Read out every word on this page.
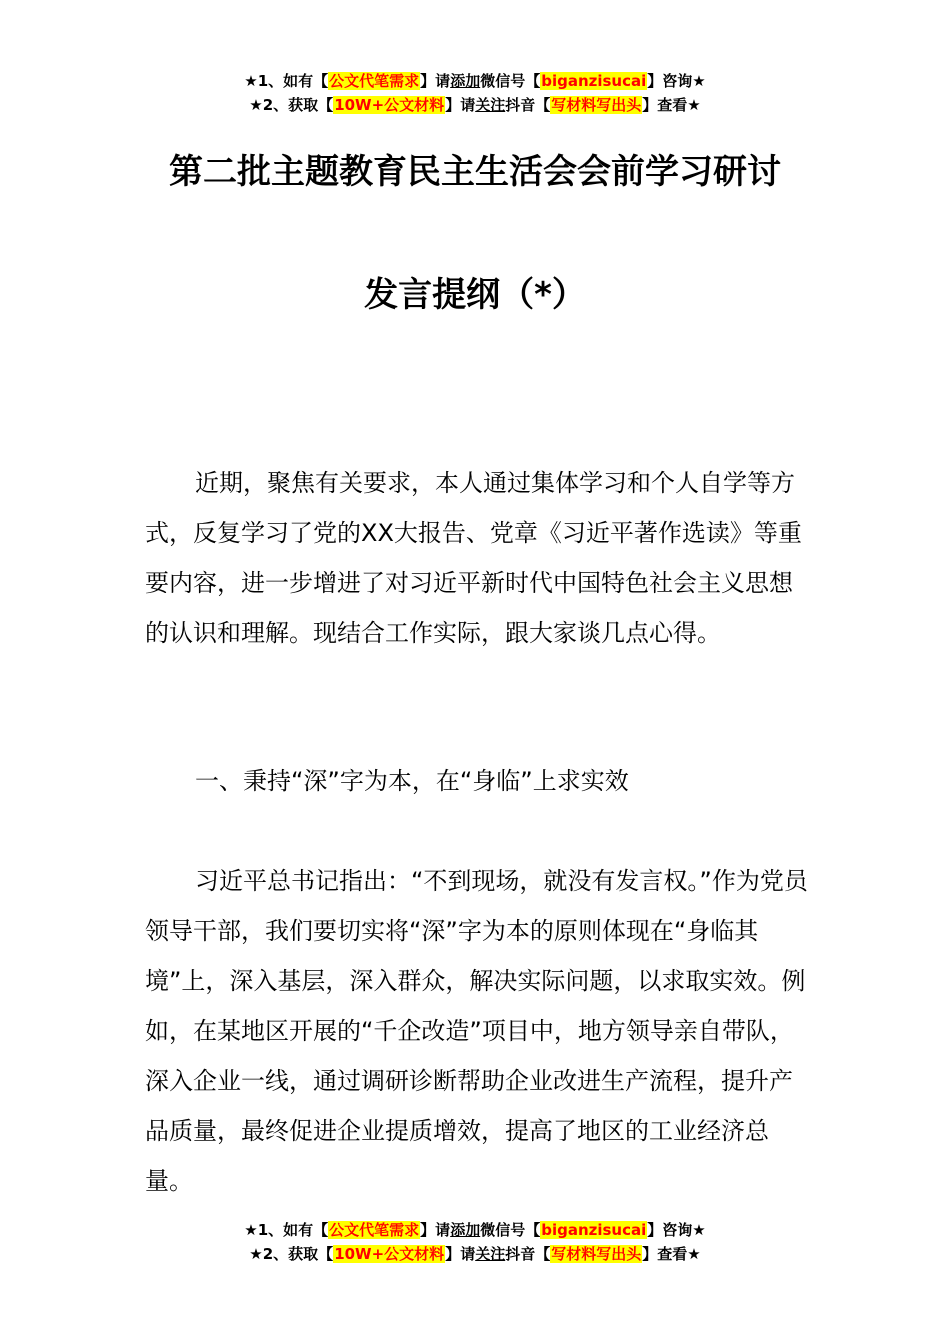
★1、如有【公文代笔需求】请添加微信号【biganzisucai】咨询★
★2、获取【10W+公文材料】请关注抖音【写材料写出头】查看★
第二批主题教育民主生活会会前学习研讨
发言提纲（*）

近期，聚焦有关要求，本人通过集体学习和个人自学等方式，反复学习了党的XX大报告、党章《习近平著作选读》等重要内容，进一步增进了对习近平新时代中国特色社会主义思想的认识和理解。现结合工作实际，跟大家谈几点心得。

一、秉持“深”字为本，在“身临”上求实效

习近平总书记指出：“不到现场，就没有发言权。”作为党员领导干部，我们要切实将“深”字为本的原则体现在“身临其境”上，深入基层，深入群众，解决实际问题，以求取实效。例如，在某地区开展的“千企改造”项目中，地方领导亲自带队，深入企业一线，通过调研诊断帮助企业改进生产流程，提升产品质量，最终促进企业提质增效，提高了地区的工业经济总量。

★1、如有【公文代笔需求】请添加微信号【biganzisucai】咨询★
★2、获取【10W+公文材料】请关注抖音【写材料写出头】查看★
